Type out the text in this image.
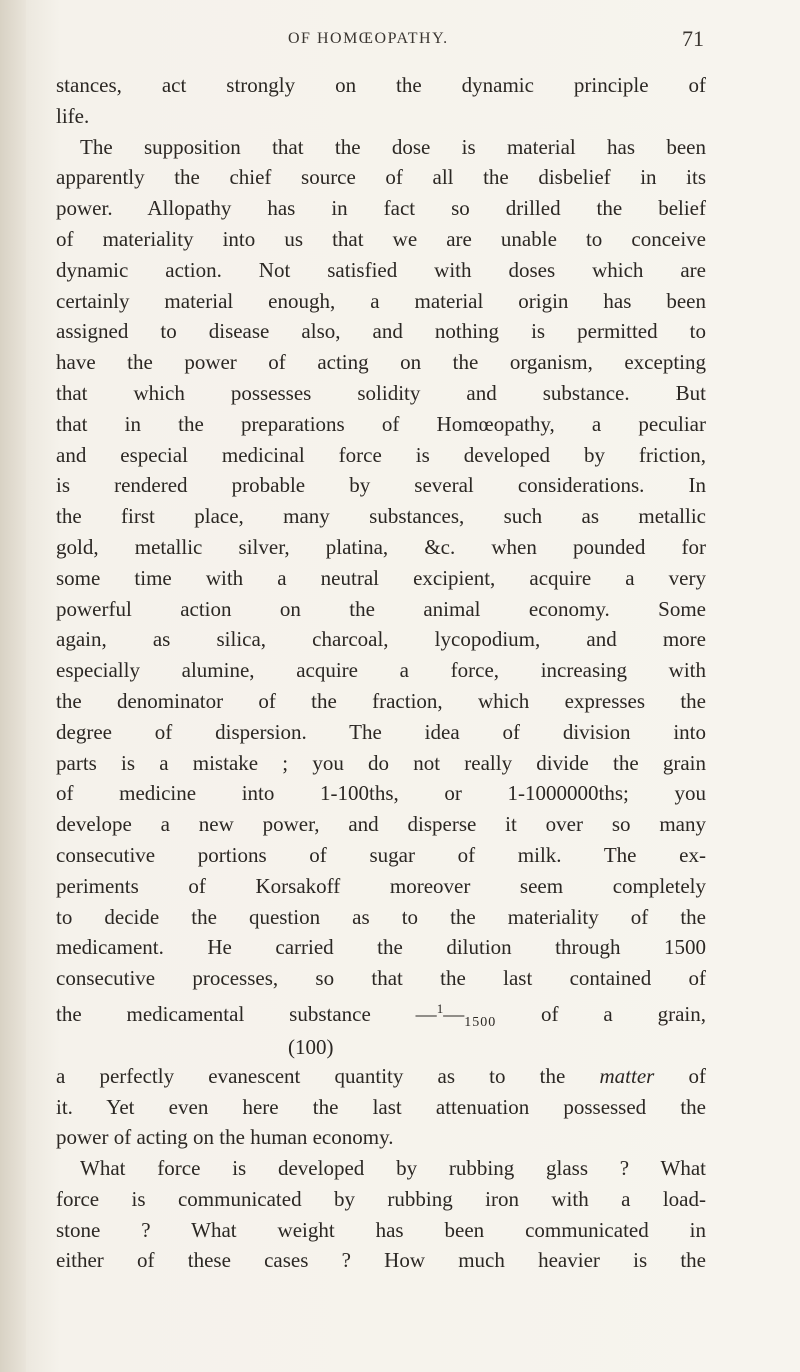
OF HOMŒOPATHY.	71
stances, act strongly on the dynamic principle of
life.
The supposition that the dose is material has been
apparently the chief source of all the disbelief in its
power. Allopathy has in fact so drilled the belief
of materiality into us that we are unable to conceive
dynamic action. Not satisfied with doses which are
certainly material enough, a material origin has been
assigned to disease also, and nothing is permitted to
have the power of acting on the organism, excepting
that which possesses solidity and substance. But
that in the preparations of Homœopathy, a peculiar
and especial medicinal force is developed by friction,
is rendered probable by several considerations. In
the first place, many substances, such as metallic
gold, metallic silver, platina, &c. when pounded for
some time with a neutral excipient, acquire a very
powerful action on the animal economy. Some
again, as silica, charcoal, lycopodium, and more
especially alumine, acquire a force, increasing with
the denominator of the fraction, which expresses the
degree of dispersion. The idea of division into
parts is a mistake ; you do not really divide the grain
of medicine into 1-100ths, or 1-1000000ths; you
develope a new power, and disperse it over so many
consecutive portions of sugar of milk. The ex-
periments of Korsakoff moreover seem completely
to decide the question as to the materiality of the
medicament. He carried the dilution through 1500
consecutive processes, so that the last contained of
the medicamental substance $—^1—_{1500}$ of a grain,
(100)
a perfectly evanescent quantity as to the matter of
it. Yet even here the last attenuation possessed the
power of acting on the human economy.
What force is developed by rubbing glass ? What
force is communicated by rubbing iron with a load-
stone ? What weight has been communicated in
either of these cases ? How much heavier is the
